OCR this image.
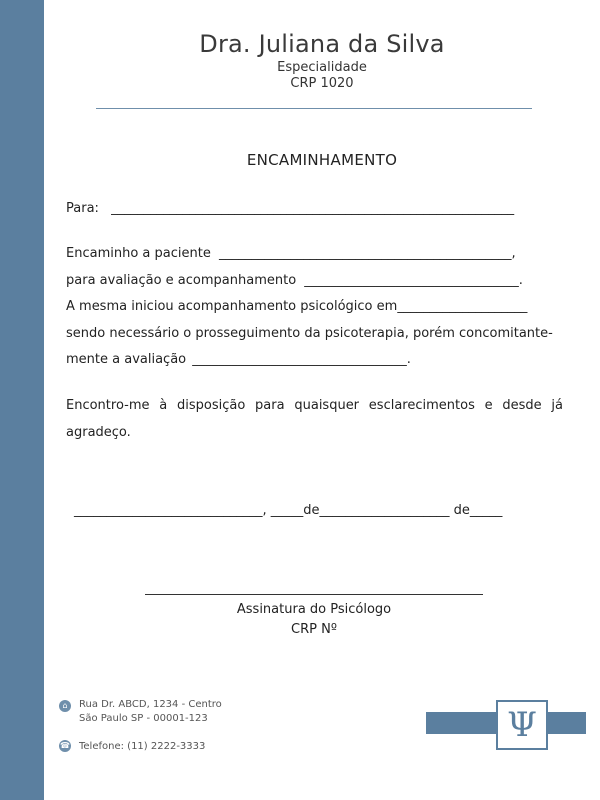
Dra. Juliana da Silva
Especialidade
CRP 1020
ENCAMINHAMENTO
Para: ______________________________________________________________
Encaminho a paciente _____________________________________________,
para avaliação e acompanhamento _________________________________.
A mesma iniciou acompanhamento psicológico em____________________
sendo necessário o prosseguimento da psicoterapia, porém concomitante-
mente a avaliação _________________________________.
Encontro-me à disposição para quaisquer esclarecimentos e desde já agradeço.
_____________________________, _____de____________________ de_____
Assinatura do Psicólogo
CRP Nº
⌂	Rua Dr. ABCD, 1234 - Centro
São Paulo SP - 00001-123
☎ Telefone: (11) 2222-3333
Ψ
